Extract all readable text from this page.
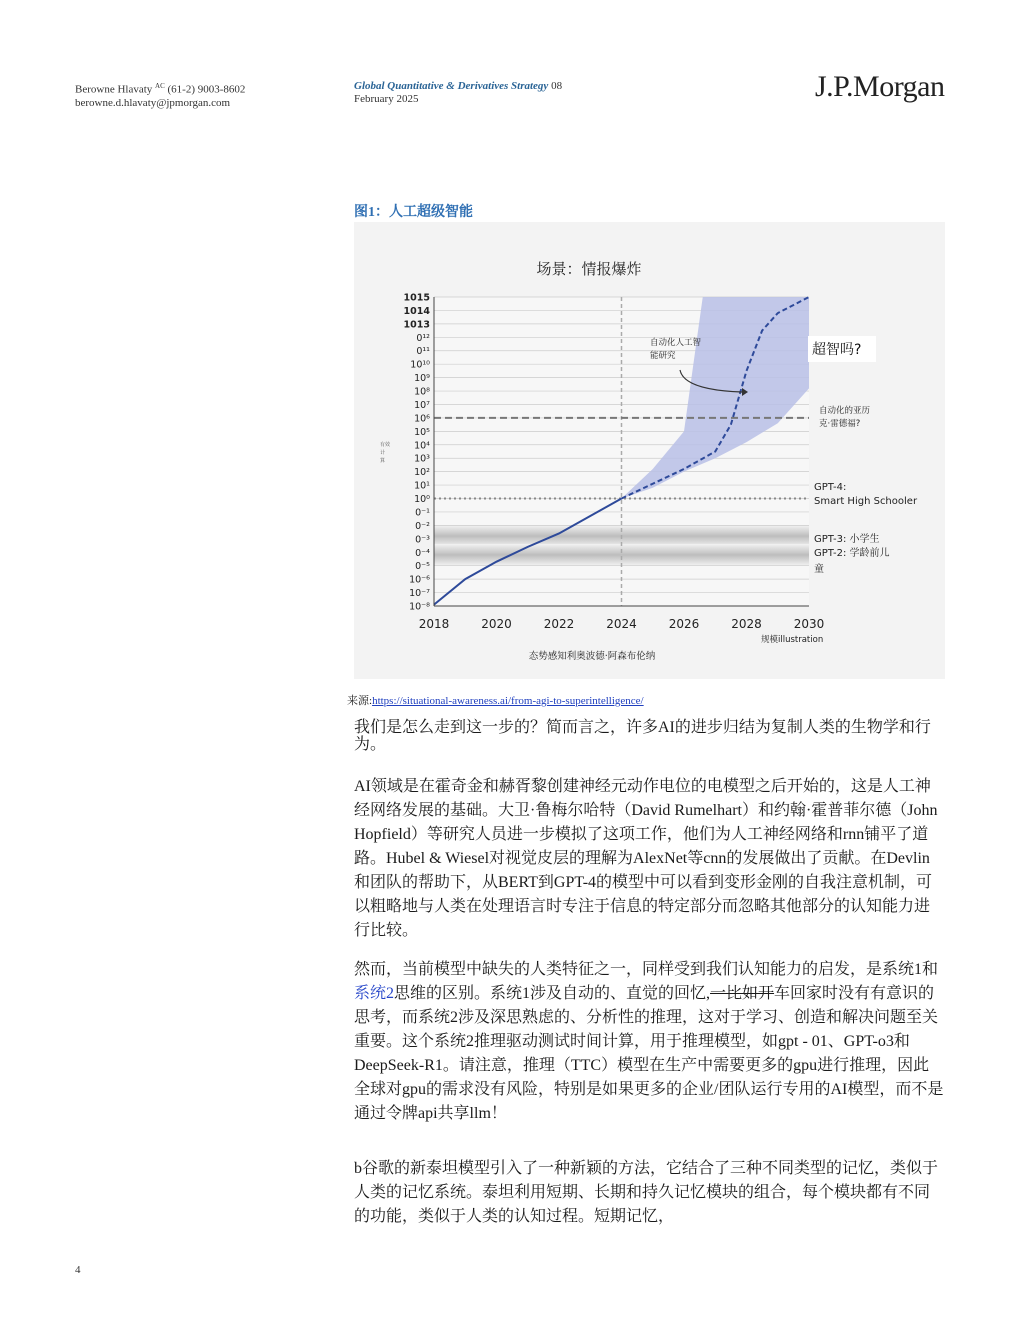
Berowne Hlavaty $^{AC}$ (61-2) 9003-8602
berowne.d.hlavaty@jpmorgan.com
Global Quantitative & Derivatives Strategy 08
February 2025	J.P.Morgan
图1：人工超级智能
场景：情报爆炸
1015
1014
1013
0¹²
0¹¹
10¹⁰
10⁹
10⁸
10⁷
10⁶
10⁵
10⁴
10³
10²
10¹
10⁰
0⁻¹
0⁻²
0⁻³
0⁻⁴
0⁻⁵
10⁻⁶
10⁻⁷
10⁻⁸
2018	2020	2022	2024	2026	2028	2030
自动化人工智
能研究	超智吗?
自动化的亚历
克·雷德福?
GPT-4:
Smart High Schooler
GPT-3: 小学生
GPT-2: 学龄前儿
童
有效
计
算
规模illustration
态势感知利奥波德·阿森布伦纳
来源:https://situational-awareness.ai/from-agi-to-superintelligence/
我们是怎么走到这一步的？简而言之，许多AI的进步归结为复制人类的生物学和行为。
AI领域是在霍奇金和赫胥黎创建神经元动作电位的电模型之后开始的，这是人工神经网络发展的基础。大卫·鲁梅尔哈特（David Rumelhart）和约翰·霍普菲尔德（John Hopfield）等研究人员进一步模拟了这项工作，他们为人工神经网络和rnn铺平了道路。Hubel & Wiesel对视觉皮层的理解为AlexNet等cnn的发展做出了贡献。在Devlin和团队的帮助下，从BERT到GPT-4的模型中可以看到变形金刚的自我注意机制，可以粗略地与人类在处理语言时专注于信息的特定部分而忽略其他部分的认知能力进行比较。
然而，当前模型中缺失的人类特征之一，同样受到我们认知能力的启发，是系统1和系统2思维的区别。系统1涉及自动的、直觉的回忆,一比如开车回家时没有有意识的思考，而系统2涉及深思熟虑的、分析性的推理，这对于学习、创造和解决问题至关重要。这个系统2推理驱动测试时间计算，用于推理模型，如gpt - 01、GPT-o3和DeepSeek-R1。请注意，推理（TTC）模型在生产中需要更多的gpu进行推理，因此全球对gpu的需求没有风险，特别是如果更多的企业/团队运行专用的AI模型，而不是通过令牌api共享llm！
b谷歌的新泰坦模型引入了一种新颖的方法，它结合了三种不同类型的记忆，类似于人类的记忆系统。泰坦利用短期、长期和持久记忆模块的组合，每个模块都有不同的功能，类似于人类的认知过程。短期记忆，
4
